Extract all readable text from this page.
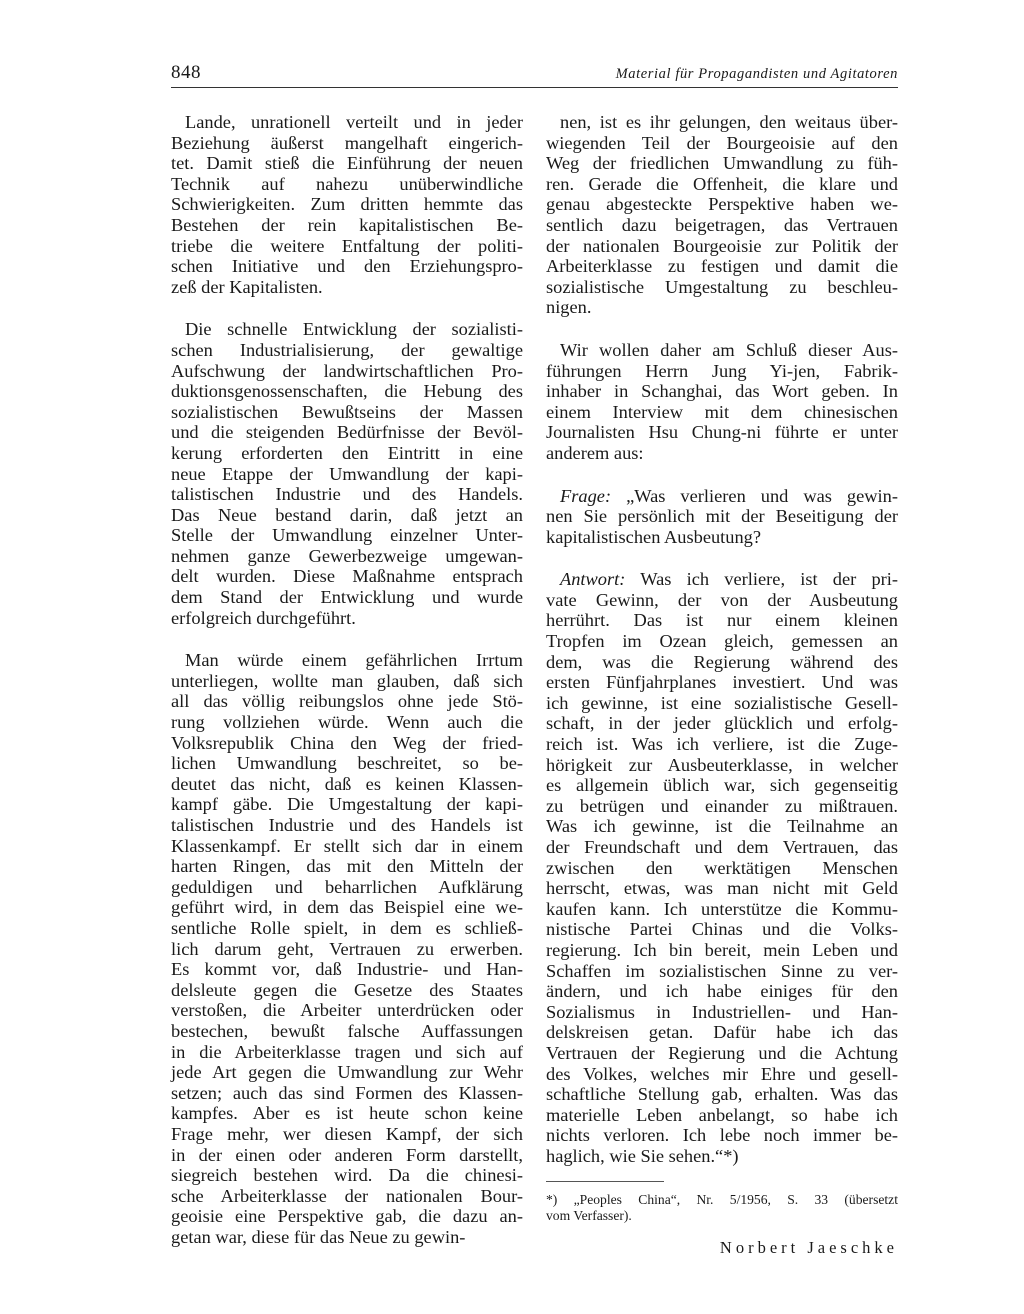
848	Material für Propagandisten und Agitatoren

Lande, unrationell verteilt und in jeder
Beziehung äußerst mangelhaft eingerich-
tet. Damit stieß die Einführung der neuen
Technik auf nahezu unüberwindliche
Schwierigkeiten. Zum dritten hemmte das
Bestehen der rein kapitalistischen Be-
triebe die weitere Entfaltung der politi-
schen Initiative und den Erziehungspro-
zeß der Kapitalisten.

Die schnelle Entwicklung der sozialisti-
schen Industrialisierung, der gewaltige
Aufschwung der landwirtschaftlichen Pro-
duktionsgenossenschaften, die Hebung des
sozialistischen Bewußtseins der Massen
und die steigenden Bedürfnisse der Bevöl-
kerung erforderten den Eintritt in eine
neue Etappe der Umwandlung der kapi-
talistischen Industrie und des Handels.
Das Neue bestand darin, daß jetzt an
Stelle der Umwandlung einzelner Unter-
nehmen ganze Gewerbezweige umgewan-
delt wurden. Diese Maßnahme entsprach
dem Stand der Entwicklung und wurde
erfolgreich durchgeführt.

Man würde einem gefährlichen Irrtum
unterliegen, wollte man glauben, daß sich
all das völlig reibungslos ohne jede Stö-
rung vollziehen würde. Wenn auch die
Volksrepublik China den Weg der fried-
lichen Umwandlung beschreitet, so be-
deutet das nicht, daß es keinen Klassen-
kampf gäbe. Die Umgestaltung der kapi-
talistischen Industrie und des Handels ist
Klassenkampf. Er stellt sich dar in einem
harten Ringen, das mit den Mitteln der
geduldigen und beharrlichen Aufklärung
geführt wird, in dem das Beispiel eine we-
sentliche Rolle spielt, in dem es schließ-
lich darum geht, Vertrauen zu erwerben.
Es kommt vor, daß Industrie- und Han-
delsleute gegen die Gesetze des Staates
verstoßen, die Arbeiter unterdrücken oder
bestechen, bewußt falsche Auffassungen
in die Arbeiterklasse tragen und sich auf
jede Art gegen die Umwandlung zur Wehr
setzen; auch das sind Formen des Klassen-
kampfes. Aber es ist heute schon keine
Frage mehr, wer diesen Kampf, der sich
in der einen oder anderen Form darstellt,
siegreich bestehen wird. Da die chinesi-
sche Arbeiterklasse der nationalen Bour-
geoisie eine Perspektive gab, die dazu an-
getan war, diese für das Neue zu gewin-

nen, ist es ihr gelungen, den weitaus über-
wiegenden Teil der Bourgeoisie auf den
Weg der friedlichen Umwandlung zu füh-
ren. Gerade die Offenheit, die klare und
genau abgesteckte Perspektive haben we-
sentlich dazu beigetragen, das Vertrauen
der nationalen Bourgeoisie zur Politik der
Arbeiterklasse zu festigen und damit die
sozialistische Umgestaltung zu beschleu-
nigen.

Wir wollen daher am Schluß dieser Aus-
führungen Herrn Jung Yi-jen, Fabrik-
inhaber in Schanghai, das Wort geben. In
einem Interview mit dem chinesischen
Journalisten Hsu Chung-ni führte er unter
anderem aus:

Frage: „Was verlieren und was gewin-
nen Sie persönlich mit der Beseitigung der
kapitalistischen Ausbeutung?

Antwort: Was ich verliere, ist der pri-
vate Gewinn, der von der Ausbeutung
herrührt. Das ist nur einem kleinen
Tropfen im Ozean gleich, gemessen an
dem, was die Regierung während des
ersten Fünfjahrplanes investiert. Und was
ich gewinne, ist eine sozialistische Gesell-
schaft, in der jeder glücklich und erfolg-
reich ist. Was ich verliere, ist die Zuge-
hörigkeit zur Ausbeuterklasse, in welcher
es allgemein üblich war, sich gegenseitig
zu betrügen und einander zu mißtrauen.
Was ich gewinne, ist die Teilnahme an
der Freundschaft und dem Vertrauen, das
zwischen den werktätigen Menschen
herrscht, etwas, was man nicht mit Geld
kaufen kann. Ich unterstütze die Kommu-
nistische Partei Chinas und die Volks-
regierung. Ich bin bereit, mein Leben und
Schaffen im sozialistischen Sinne zu ver-
ändern, und ich habe einiges für den
Sozialismus in Industriellen- und Han-
delskreisen getan. Dafür habe ich das
Vertrauen der Regierung und die Achtung
des Volkes, welches mir Ehre und gesell-
schaftliche Stellung gab, erhalten. Was das
materielle Leben anbelangt, so habe ich
nichts verloren. Ich lebe noch immer be-
haglich, wie Sie sehen.“*)

*) „Peoples China“, Nr. 5/1956, S. 33 (übersetzt
vom Verfasser).

Norbert Jaeschke
